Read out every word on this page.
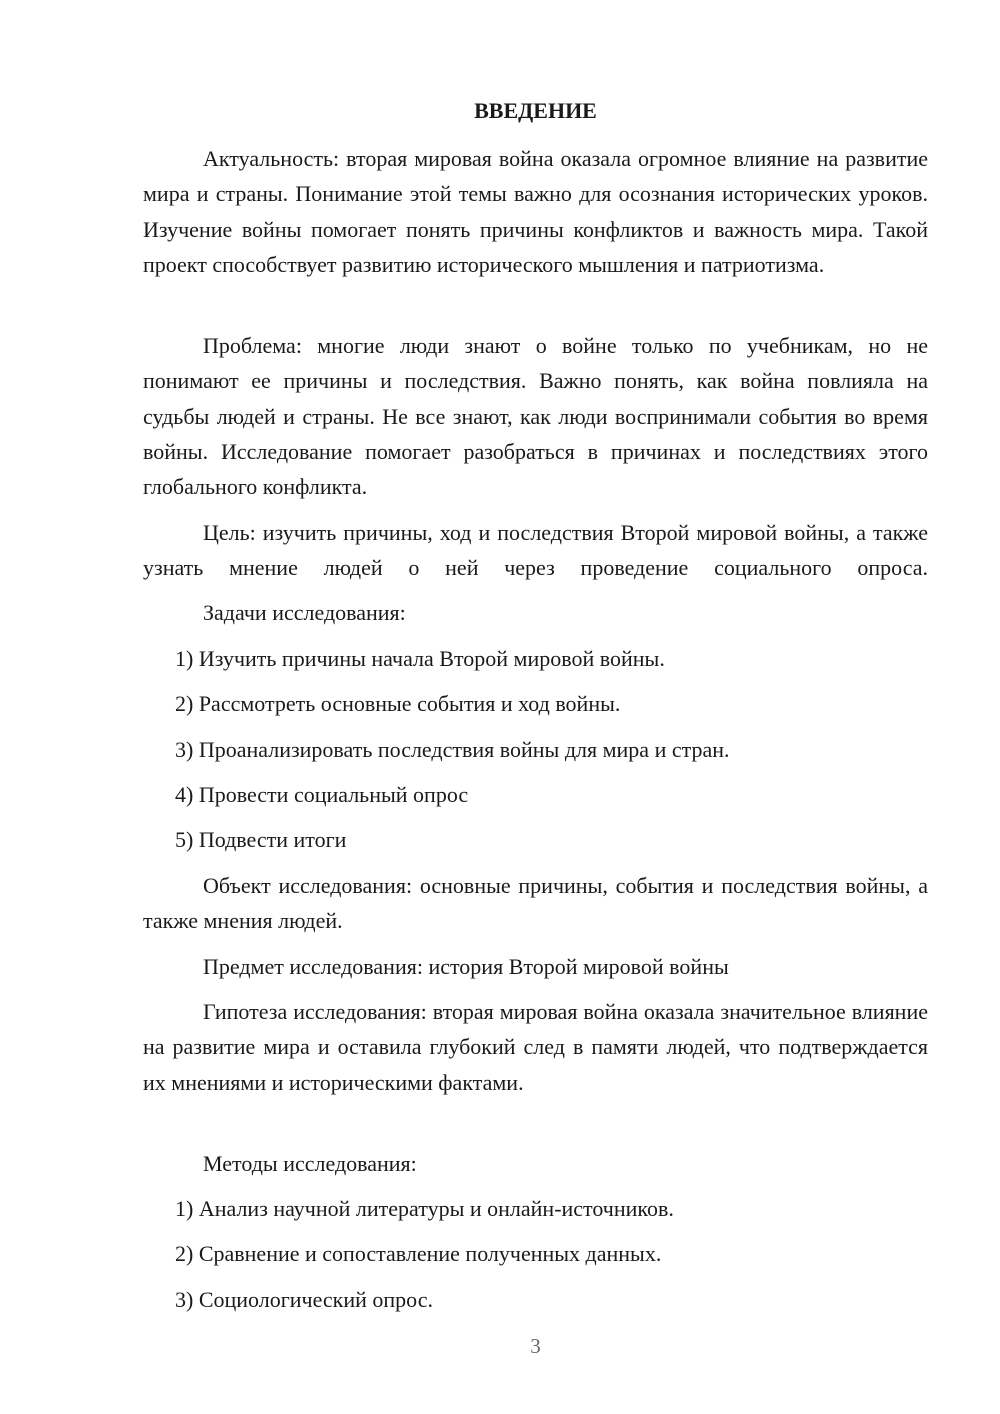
ВВЕДЕНИЕ

Актуальность: вторая мировая война оказала огромное влияние на развитие мира и страны. Понимание этой темы важно для осознания исторических уроков. Изучение войны помогает понять причины конфликтов и важность мира. Такой проект способствует развитию исторического мышления и патриотизма.

Проблема: многие люди знают о войне только по учебникам, но не понимают ее причины и последствия. Важно понять, как война повлияла на судьбы людей и страны. Не все знают, как люди воспринимали события во время войны. Исследование помогает разобраться в причинах и последствиях этого глобального конфликта.

Цель: изучить причины, ход и последствия Второй мировой войны, а также узнать мнение людей о ней через проведение социального опроса.

Задачи исследования:

1) Изучить причины начала Второй мировой войны.

2) Рассмотреть основные события и ход войны.

3) Проанализировать последствия войны для мира и стран.

4) Провести социальный опрос

5) Подвести итоги

Объект исследования: основные причины, события и последствия войны, а также мнения людей.

Предмет исследования: история Второй мировой войны

Гипотеза исследования: вторая мировая война оказала значительное влияние на развитие мира и оставила глубокий след в памяти людей, что подтверждается их мнениями и историческими фактами.

Методы исследования:

1) Анализ научной литературы и онлайн-источников.

2) Сравнение и сопоставление полученных данных.

3) Социологический опрос.

3
